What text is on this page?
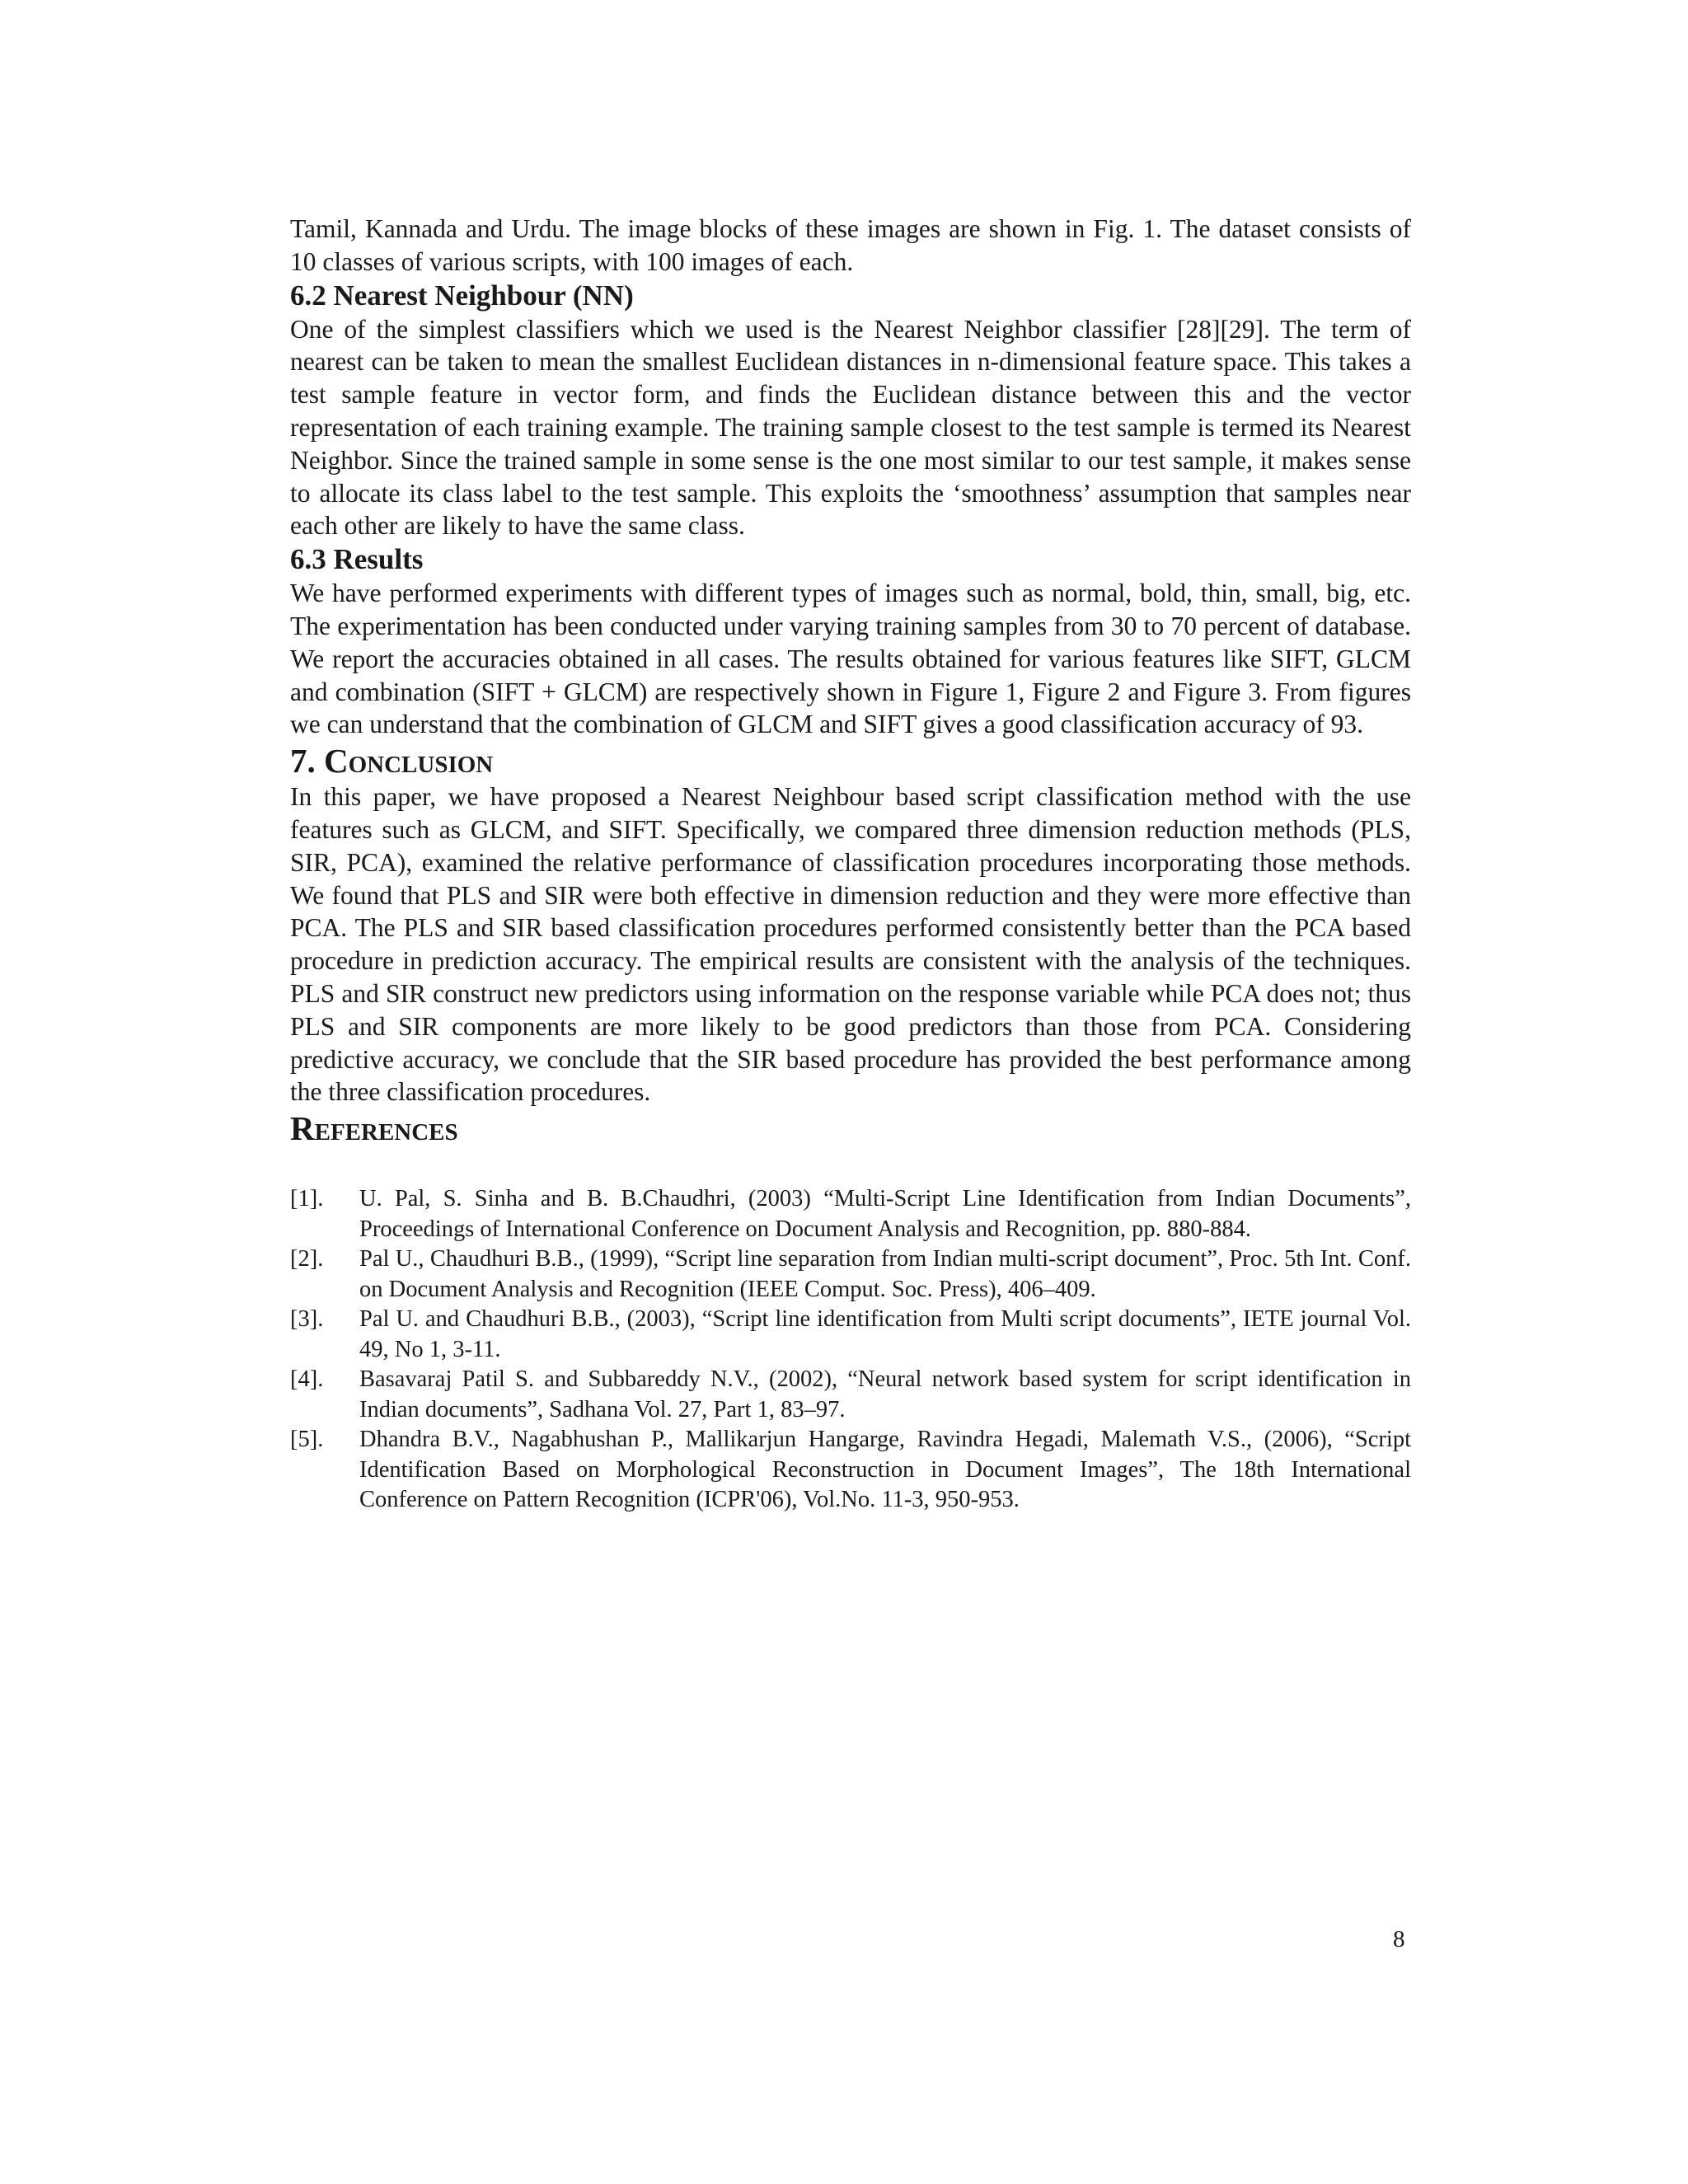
Tamil, Kannada and Urdu. The image blocks of these images are shown in Fig. 1. The dataset consists of 10 classes of various scripts, with 100 images of each.

6.2 Nearest Neighbour (NN)

One of the simplest classifiers which we used is the Nearest Neighbor classifier [28][29]. The term of nearest can be taken to mean the smallest Euclidean distances in n-dimensional feature space. This takes a test sample feature in vector form, and finds the Euclidean distance between this and the vector representation of each training example. The training sample closest to the test sample is termed its Nearest Neighbor. Since the trained sample in some sense is the one most similar to our test sample, it makes sense to allocate its class label to the test sample. This exploits the ‘smoothness’ assumption that samples near each other are likely to have the same class.

6.3 Results

We have performed experiments with different types of images such as normal, bold, thin, small, big, etc. The experimentation has been conducted under varying training samples from 30 to 70 percent of database. We report the accuracies obtained in all cases. The results obtained for various features like SIFT, GLCM and combination (SIFT + GLCM) are respectively shown in Figure 1, Figure 2 and Figure 3. From figures we can understand that the combination of GLCM and SIFT gives a good classification accuracy of 93.

7. Conclusion

In this paper, we have proposed a Nearest Neighbour based script classification method with the use features such as GLCM, and SIFT. Specifically, we compared three dimension reduction methods (PLS, SIR, PCA), examined the relative performance of classification procedures incorporating those methods. We found that PLS and SIR were both effective in dimension reduction and they were more effective than PCA. The PLS and SIR based classification procedures performed consistently better than the PCA based procedure in prediction accuracy. The empirical results are consistent with the analysis of the techniques. PLS and SIR construct new predictors using information on the response variable while PCA does not; thus PLS and SIR components are more likely to be good predictors than those from PCA. Considering predictive accuracy, we conclude that the SIR based procedure has provided the best performance among the three classification procedures.

References
[1]. U. Pal, S. Sinha and B. B.Chaudhri, (2003) “Multi-Script Line Identification from Indian Documents”, Proceedings of International Conference on Document Analysis and Recognition, pp. 880-884.
[2]. Pal U., Chaudhuri B.B., (1999), “Script line separation from Indian multi-script document”, Proc. 5th Int. Conf. on Document Analysis and Recognition (IEEE Comput. Soc. Press), 406–409.
[3]. Pal U. and Chaudhuri B.B., (2003), “Script line identification from Multi script documents”, IETE journal Vol. 49, No 1, 3-11.
[4]. Basavaraj Patil S. and Subbareddy N.V., (2002), “Neural network based system for script identification in Indian documents”, Sadhana Vol. 27, Part 1, 83–97.
[5]. Dhandra B.V., Nagabhushan P., Mallikarjun Hangarge, Ravindra Hegadi, Malemath V.S., (2006), “Script Identification Based on Morphological Reconstruction in Document Images”, The 18th International Conference on Pattern Recognition (ICPR'06), Vol.No. 11-3, 950-953.
8
